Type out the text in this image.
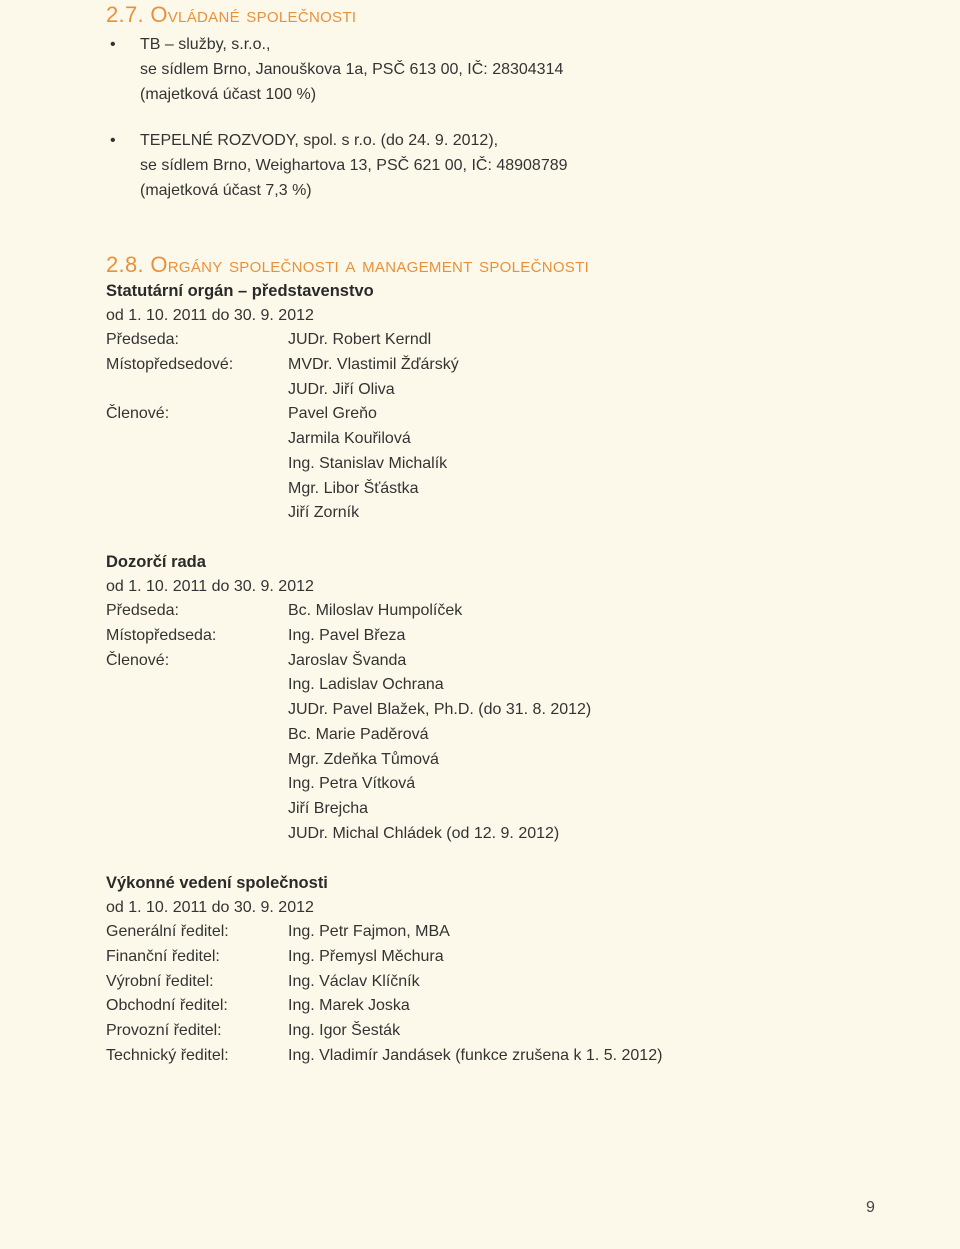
2.7. Ovládané společnosti
• TB – služby, s.r.o.,
se sídlem Brno, Janouškova 1a, PSČ 613 00, IČ: 28304314
(majetková účast 100 %)
• TEPELNÉ ROZVODY, spol. s r.o. (do 24. 9. 2012),
se sídlem Brno, Weighartova 13, PSČ 621 00, IČ: 48908789
(majetková účast 7,3 %)
2.8. Orgány společnosti a management společnosti
Statutární orgán – představenstvo
od 1. 10. 2011 do 30. 9. 2012
Předseda:	JUDr. Robert Kerndl
Místopředsedové:	MVDr. Vlastimil Žďárský
JUDr. Jiří Oliva
Členové:	Pavel Greňo
Jarmila Kouřilová
Ing. Stanislav Michalík
Mgr. Libor Šťástka
Jiří Zorník
Dozorčí rada
od 1. 10. 2011 do 30. 9. 2012
Předseda:	Bc. Miloslav Humpolíček
Místopředseda:	Ing. Pavel Březa
Členové:	Jaroslav Švanda
Ing. Ladislav Ochrana
JUDr. Pavel Blažek, Ph.D. (do 31. 8. 2012)
Bc. Marie Paděrová
Mgr. Zdeňka Tůmová
Ing. Petra Vítková
Jiří Brejcha
JUDr. Michal Chládek (od 12. 9. 2012)
Výkonné vedení společnosti
od 1. 10. 2011 do 30. 9. 2012
Generální ředitel:	Ing. Petr Fajmon, MBA
Finanční ředitel:	Ing. Přemysl Měchura
Výrobní ředitel:	Ing. Václav Klíčník
Obchodní ředitel:	Ing. Marek Joska
Provozní ředitel:	Ing. Igor Šesták
Technický ředitel:	Ing. Vladimír Jandásek (funkce zrušena k 1. 5. 2012)
9
